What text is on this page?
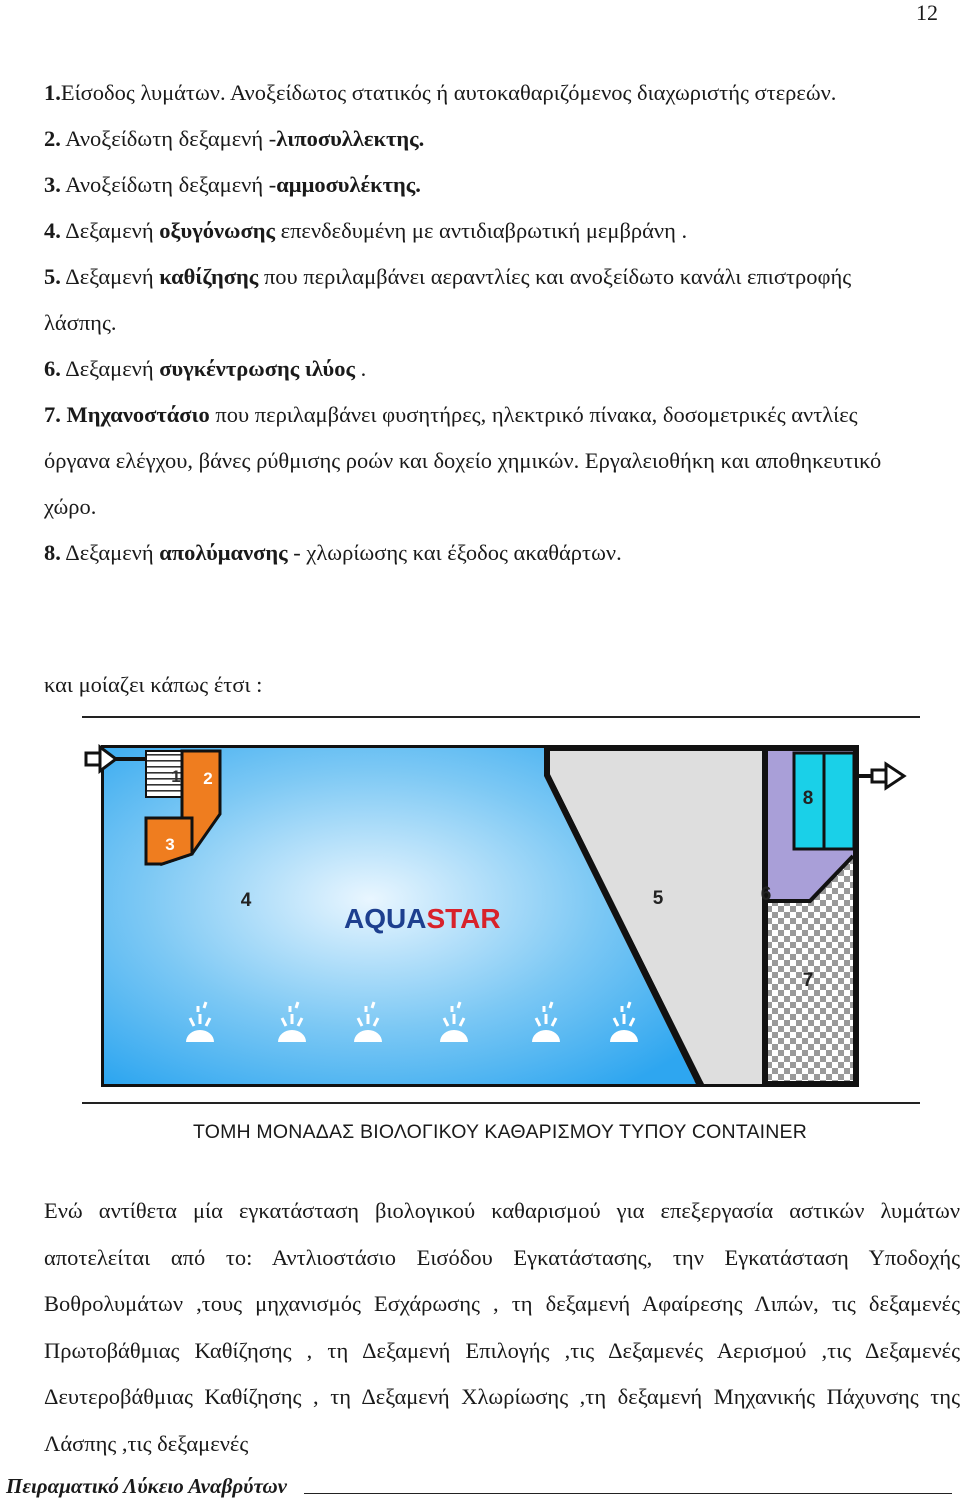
12

1.Είσοδος λυμάτων. Ανοξείδωτος στατικός ή αυτοκαθαριζόμενος διαχωριστής στερεών.

2. Ανοξείδωτη δεξαμενή -λιποσυλλεκτης.

3. Ανοξείδωτη δεξαμενή -αμμοσυλέκτης.

4. Δεξαμενή οξυγόνωσης επενδεδυμένη με αντιδιαβρωτική μεμβράνη .

5. Δεξαμενή καθίζησης που περιλαμβάνει αεραντλίες και ανοξείδωτο κανάλι επιστροφής λάσπης.

6. Δεξαμενή συγκέντρωσης ιλύος .

7. Μηχανοστάσιο που περιλαμβάνει φυσητήρες, ηλεκτρικό πίνακα, δοσομετρικές αντλίες όργανα ελέγχου, βάνες ρύθμισης ροών και δοχείο χημικών. Εργαλειοθήκη και αποθηκευτικό χώρο.

8. Δεξαμενή απολύμανσης - χλωρίωσης και έξοδος ακαθάρτων.

και μοίαζει κάπως έτσι :
AQUASTAR
1 2
3
4	5	6
7
8
ΤΟΜΗ ΜΟΝΑΔΑΣ ΒΙΟΛΟΓΙΚΟΥ ΚΑΘΑΡΙΣΜΟΥ ΤΥΠΟΥ CONTAINER

Ενώ αντίθετα μία εγκατάσταση βιολογικού καθαρισμού για επεξεργασία αστικών λυμάτων αποτελείται από το: Αντλιοστάσιο Εισόδου Εγκατάστασης, την Εγκατάσταση Υποδοχής Βοθρολυμάτων ,τους μηχανισμός Εσχάρωσης , τη δεξαμενή Αφαίρεσης Λιπών, τις δεξαμενές Πρωτοβάθμιας Καθίζησης , τη Δεξαμενή Επιλογής ,τις Δεξαμενές Αερισμού ,τις Δεξαμενές Δευτεροβάθμιας Καθίζησης , τη Δεξαμενή Χλωρίωσης ,τη δεξαμενή Μηχανικής Πάχυνσης της Λάσπης ,τις δεξαμενές

Πειραματικό Λύκειο Αναβρύτων
